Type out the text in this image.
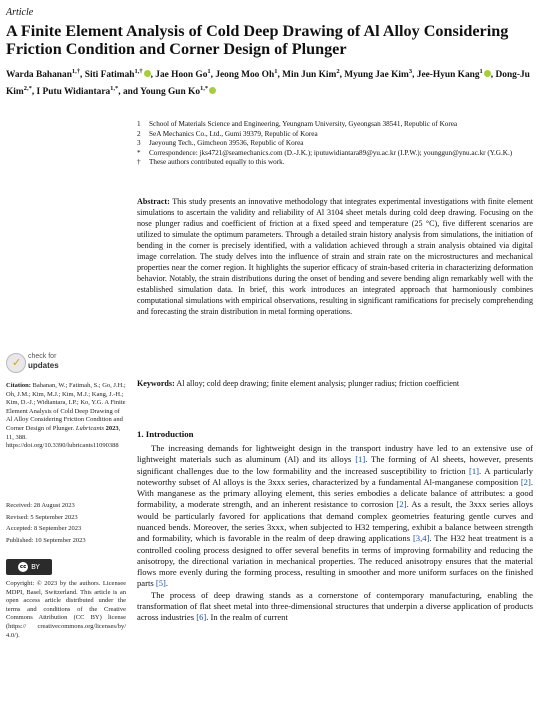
Article
A Finite Element Analysis of Cold Deep Drawing of Al Alloy Considering Friction Condition and Corner Design of Plunger
Warda Bahanan$^{1,\dagger}$, Siti Fatimah$^{1,\dagger}$ , Jae Hoon Go$^1$, Jeong Moo Oh$^1$, Min Jun Kim$^2$, Myung Jae Kim$^3$, Jee-Hyun Kang$^1$ , Dong-Ju Kim$^{2,*}$, I Putu Widiantara$^{1,*}$, and Young Gun $Ko^{1,*}$
1	School of Materials Science and Engineering, Yeungnam University, Gyeongsan 38541, Republic of Korea
2	SeA Mechanics Co., Ltd., Gumi 39379, Republic of Korea
3	Jaeyoung Tech., Gimcheon 39536, Republic of Korea
*	Correspondence: jks4721@seamechanics.com (D.-J.K.); iputuwidiantara89@yu.ac.kr (I.P.W.); younggun@ynu.ac.kr (Y.G.K.)
†	These authors contributed equally to this work.
Abstract: This study presents an innovative methodology that integrates experimental investigations with finite element simulations to ascertain the validity and reliability of Al 3104 sheet metals during cold deep drawing. Focusing on the nose plunger radius and coefficient of friction at a fixed speed and temperature (25 °C), five different scenarios are utilized to simulate the optimum parameters. Through a detailed strain history analysis from simulations, the initiation of bending in the corner is precisely identified, with a validation achieved through a strain analysis obtained via digital image correlation. The study delves into the influence of strain and strain rate on the microstructures and mechanical properties near the corner region. It highlights the superior efficacy of strain-based criteria in characterizing deformation behavior. Notably, the strain distributions during the onset of bending and severe bending align remarkably well with the established simulation data. In brief, this work introduces an integrated approach that harmoniously combines computational simulations with empirical observations, resulting in significant ramifications for precisely comprehending and forecasting the strain distribution in metal forming operations.
Keywords: Al alloy; cold deep drawing; finite element analysis; plunger radius; friction coefficient
✓ check for
updates
Citation: Bahanan, W.; Fatimah, S.; Go, J.H.; Oh, J.M.; Kim, M.J.; Kim, M.J.; Kang, J.-H.; Kim, D.-J.; Widiantara, I.P.; Ko, Y.G. A Finite Element Analysis of Cold Deep Drawing of Al Alloy Considering Friction Condition and Corner Design of Plunger. Lubricants 2023, 11, 388. https://doi.org/10.3390/lubricants11090388
Received: 28 August 2023
Revised: 5 September 2023
Accepted: 8 September 2023
Published: 10 September 2023
cc BY
Copyright: © 2023 by the authors. Licensee MDPI, Basel, Switzerland. This article is an open access article distributed under the terms and conditions of the Creative Commons Attribution (CC BY) license (https:// creativecommons.org/licenses/by/ 4.0/).
1. Introduction

The increasing demands for lightweight design in the transport industry have led to an extensive use of lightweight materials such as aluminum (Al) and its alloys [1]. The forming of Al sheets, however, presents significant challenges due to the low formability and the increased susceptibility to friction [1]. A particularly noteworthy subset of Al alloys is the 3xxx series, characterized by a fundamental Al-manganese composition [2]. With manganese as the primary alloying element, this series embodies a delicate balance of attributes: a good formability, a moderate strength, and an inherent resistance to corrosion [2]. As a result, the 3xxx series alloys would be particularly favored for applications that demand complex geometries featuring gentle curves and nuanced bends. Moreover, the series 3xxx, when subjected to H32 tempering, exhibit a balance between strength and formability, which is favorable in the realm of deep drawing applications [3,4]. The H32 heat treatment is a controlled cooling process designed to offer several benefits in terms of improving formability and reducing the anisotropy, the directional variation in mechanical properties. The reduced anisotropy ensures that the material flows more evenly during the forming process, resulting in smoother and more uniform surfaces on the finished parts [5].

The process of deep drawing stands as a cornerstone of contemporary manufacturing, enabling the transformation of flat sheet metal into three-dimensional structures that underpin a diverse application of products across industries [6]. In the realm of current
